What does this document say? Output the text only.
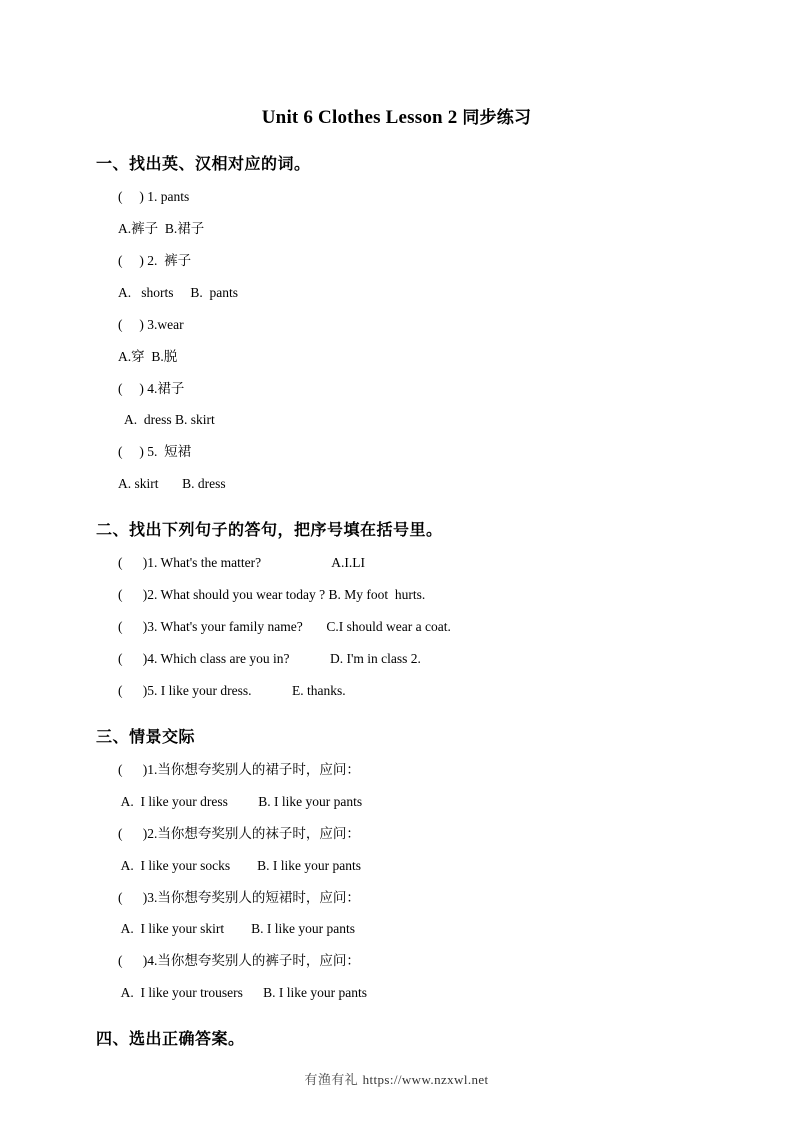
Unit 6 Clothes Lesson 2 同步练习
一、找出英、汉相对应的词。

(     ) 1. pants

A.裤子  B.裙子

(     ) 2.  裤子

A.   shorts     B.  pants

(     ) 3.wear

A.穿  B.脱

(     ) 4.裙子

A.  dress B. skirt

(     ) 5.  短裙

A. skirt       B. dress

二、找出下列句子的答句，把序号填在括号里。

(      )1. What's the matter?                     A.I.LI

(      )2. What should you wear today ? B. My foot  hurts.

(      )3. What's your family name?       C.I should wear a coat.

(      )4. Which class are you in?            D. I'm in class 2.

(      )5. I like your dress.            E. thanks.

三、情景交际

(      )1.当你想夸奖别人的裙子时，应问：

A.  I like your dress         B. I like your pants

(      )2.当你想夸奖别人的袜子时，应问：

A.  I like your socks        B. I like your pants

(      )3.当你想夸奖别人的短裙时，应问：

A.  I like your skirt        B. I like your pants

(      )4.当你想夸奖别人的裤子时，应问：

A.  I like your trousers      B. I like your pants

四、选出正确答案。
有渔有礼 https://www.nzxwl.net
